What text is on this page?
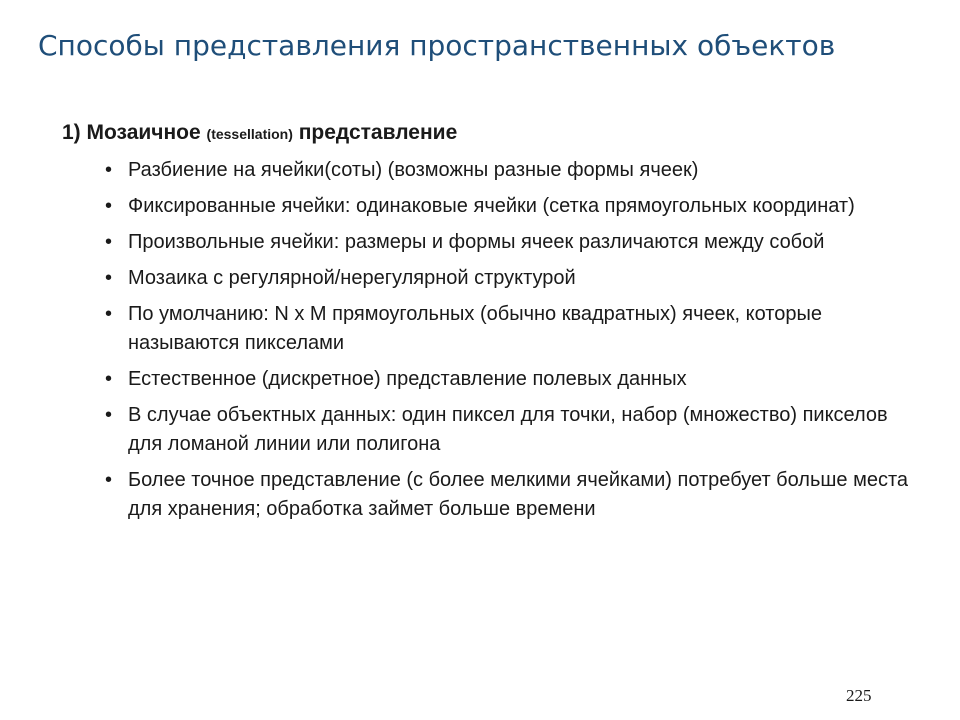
Способы представления пространственных объектов
1) Мозаичное (tessellation) представление
• Разбиение на ячейки(соты) (возможны разные формы ячеек)
• Фиксированные ячейки: одинаковые ячейки (сетка прямоугольных координат)
• Произвольные ячейки: размеры и формы ячеек различаются между собой
• Мозаика с регулярной/нерегулярной структурой
• По умолчанию: N x M прямоугольных (обычно квадратных) ячеек, которые называются пикселами
• Естественное (дискретное) представление полевых данных
• В случае объектных данных: один пиксел для точки, набор (множество) пикселов для ломаной линии или полигона
• Более точное представление (с более мелкими ячейками) потребует больше места для хранения; обработка займет больше времени
225
